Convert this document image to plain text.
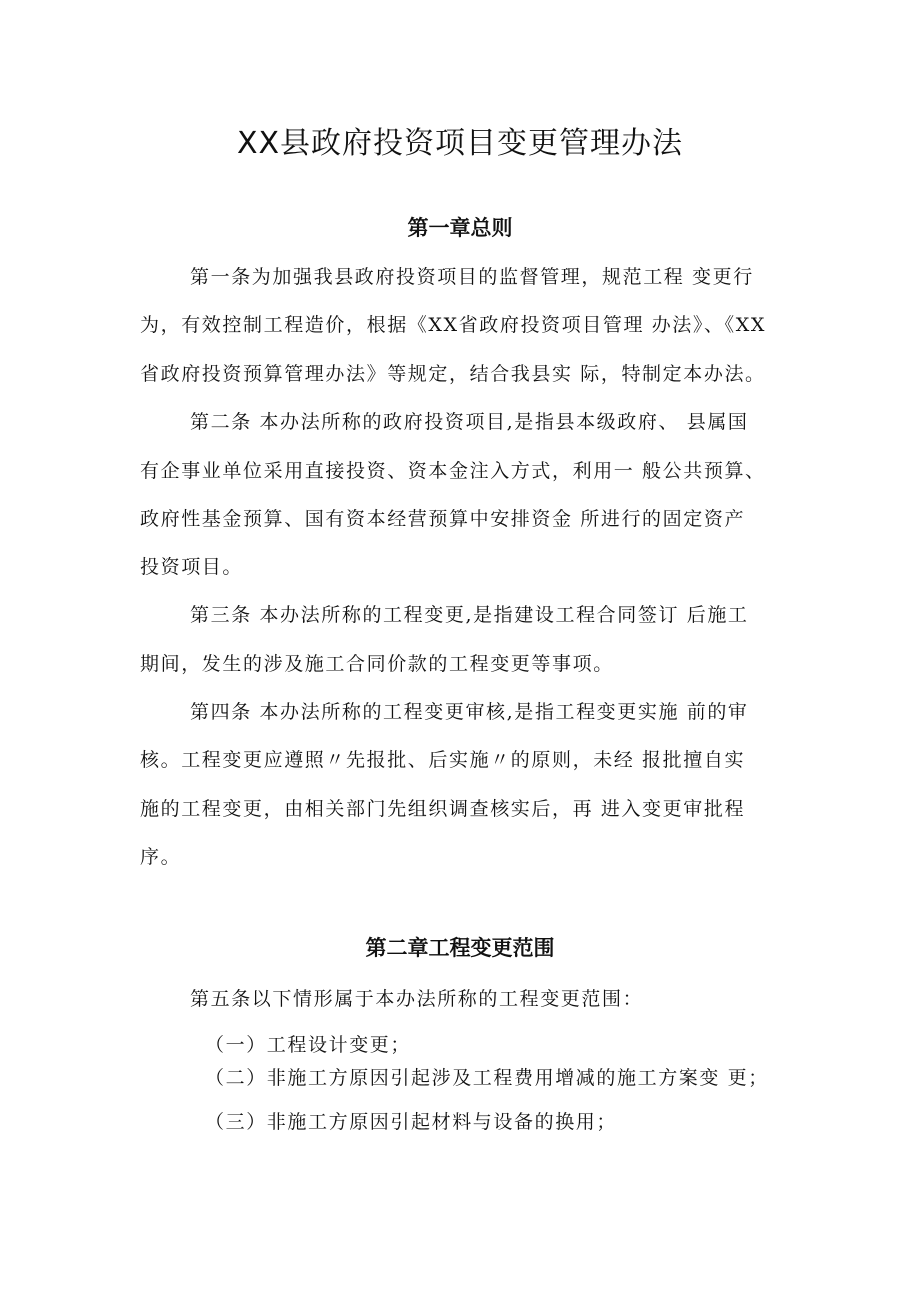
XX县政府投资项目变更管理办法
第一章总则
第一条为加强我县政府投资项目的监督管理，规范工程 变更行
为，有效控制工程造价，根据《XX省政府投资项目管理 办法》、《XX
省政府投资预算管理办法》等规定，结合我县实 际，特制定本办法。
第二条 本办法所称的政府投资项目,是指县本级政府、 县属国
有企事业单位采用直接投资、资本金注入方式，利用一 般公共预算、
政府性基金预算、国有资本经营预算中安排资金 所进行的固定资产
投资项目。
第三条 本办法所称的工程变更,是指建设工程合同签订 后施工
期间，发生的涉及施工合同价款的工程变更等事项。
第四条 本办法所称的工程变更审核,是指工程变更实施 前的审
核。工程变更应遵照〃先报批、后实施〃的原则，未经 报批擅自实
施的工程变更，由相关部门先组织调查核实后，再 进入变更审批程
序。
第二章工程变更范围
第五条以下情形属于本办法所称的工程变更范围：
（一）工程设计变更；
（二）非施工方原因引起涉及工程费用增减的施工方案变 更；
（三）非施工方原因引起材料与设备的换用；
